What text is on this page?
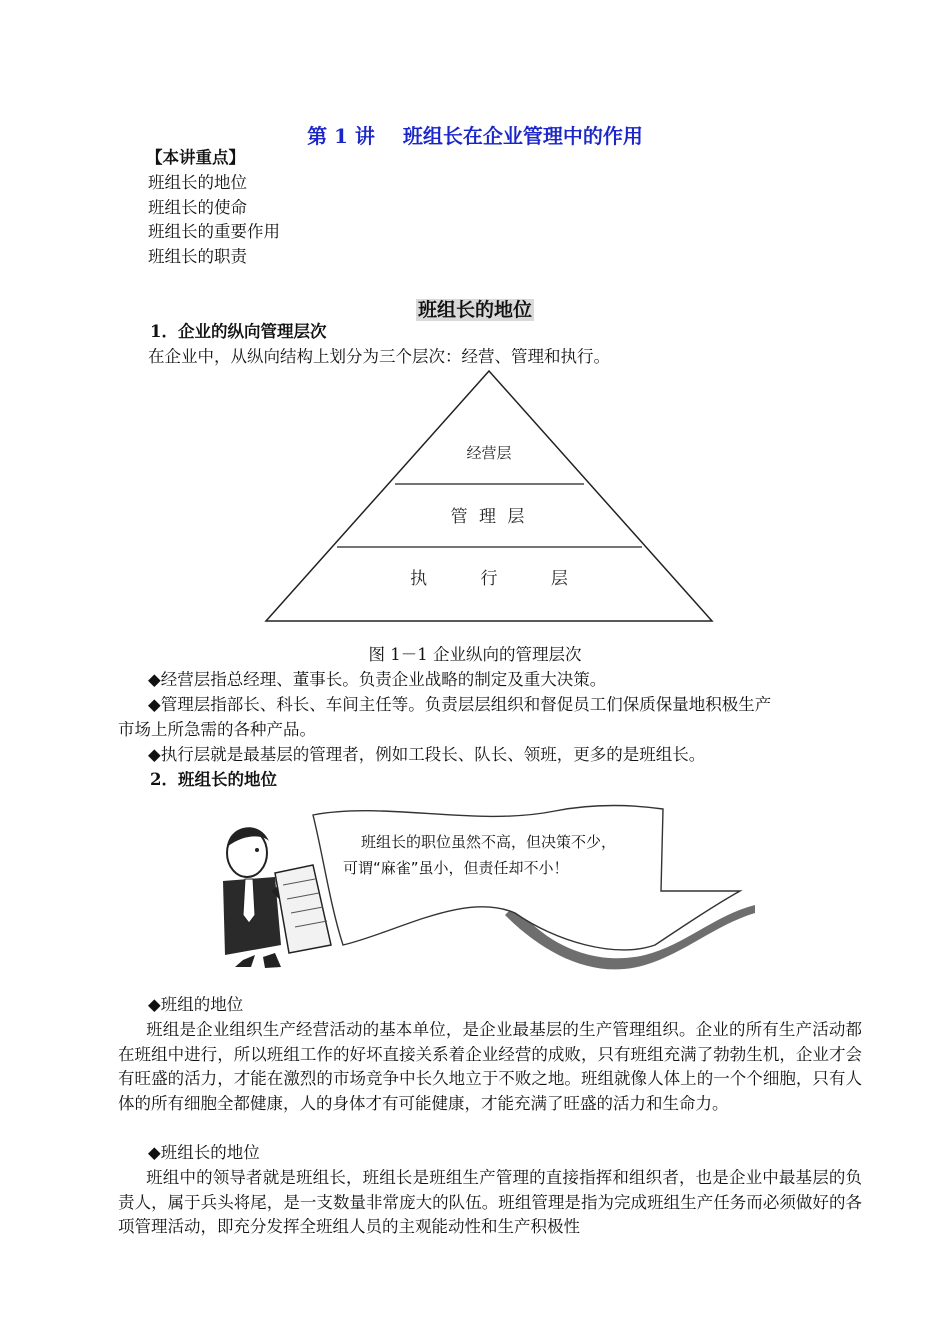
第 1 讲 班组长在企业管理中的作用
【本讲重点】
班组长的地位
班组长的使命
班组长的重要作用
班组长的职责
班组长的地位
1．企业的纵向管理层次
在企业中，从纵向结构上划分为三个层次：经营、管理和执行。
经营层
管 理 层
执 行 层
图 1－1 企业纵向的管理层次
◆经营层指总经理、董事长。负责企业战略的制定及重大决策。
◆管理层指部长、科长、车间主任等。负责层层组织和督促员工们保质保量地积极生产
市场上所急需的各种产品。
◆执行层就是最基层的管理者，例如工段长、队长、领班，更多的是班组长。
2．班组长的地位
班组长的职位虽然不高，但决策不少，
可谓“麻雀”虽小，但责任却不小！
◆班组的地位
班组是企业组织生产经营活动的基本单位，是企业最基层的生产管理组织。企业的所有生产活动都在班组中进行，所以班组工作的好坏直接关系着企业经营的成败，只有班组充满了勃勃生机，企业才会有旺盛的活力，才能在激烈的市场竞争中长久地立于不败之地。班组就像人体上的一个个细胞，只有人体的所有细胞全都健康，人的身体才有可能健康，才能充满了旺盛的活力和生命力。
◆班组长的地位
班组中的领导者就是班组长，班组长是班组生产管理的直接指挥和组织者，也是企业中最基层的负责人，属于兵头将尾，是一支数量非常庞大的队伍。班组管理是指为完成班组生产任务而必须做好的各项管理活动，即充分发挥全班组人员的主观能动性和生产积极性
